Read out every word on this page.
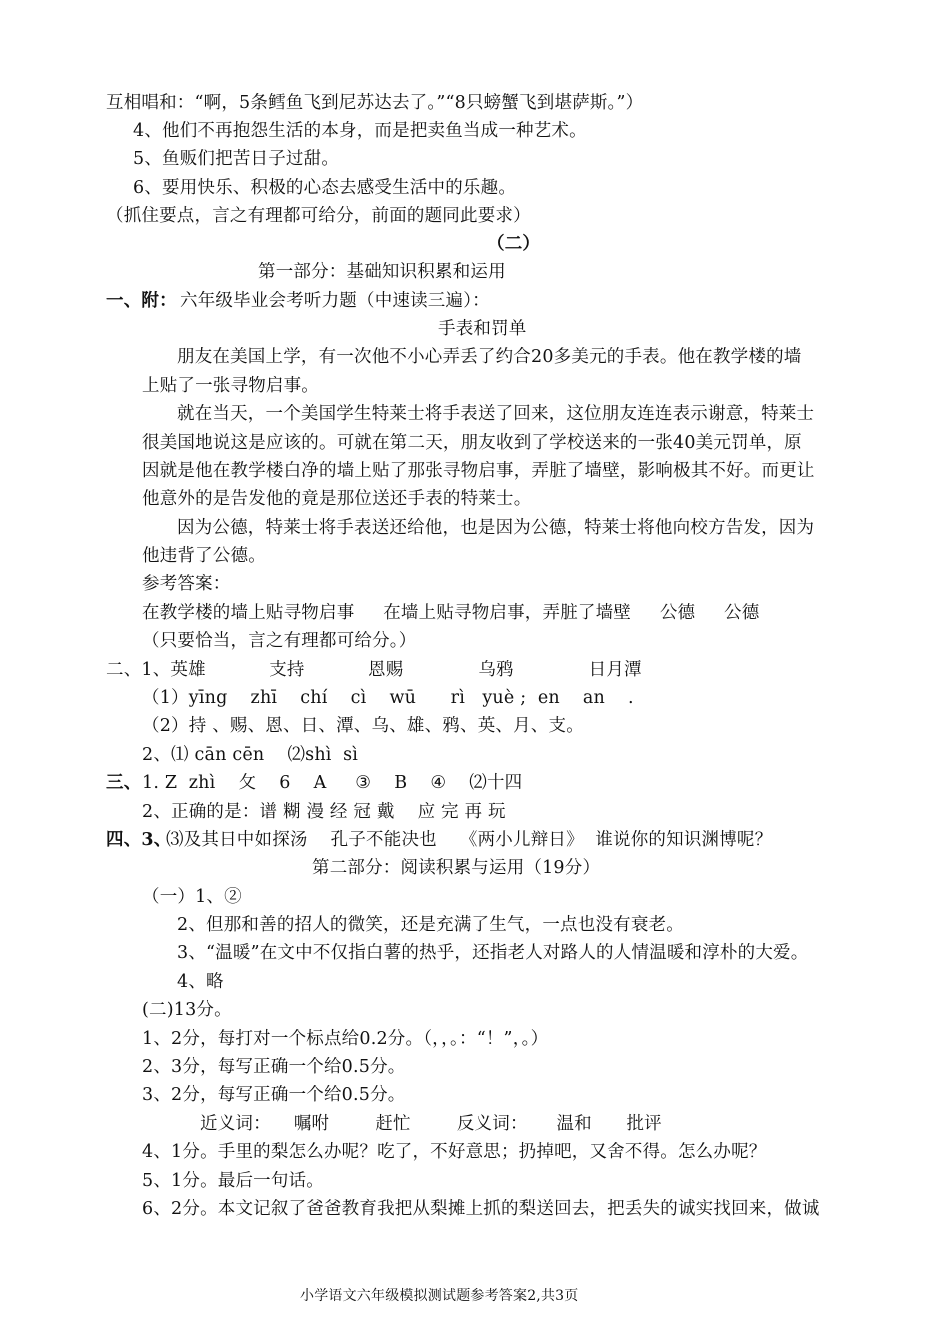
互相唱和：“啊，5条鳕鱼飞到尼苏达去了。”“8只螃蟹飞到堪萨斯。”）
4、他们不再抱怨生活的本身，而是把卖鱼当成一种艺术。
5、鱼贩们把苦日子过甜。
6、要用快乐、积极的心态去感受生活中的乐趣。
（抓住要点，言之有理都可给分，前面的题同此要求）
（二）
第一部分：基础知识积累和运用
一、附： 六年级毕业会考听力题（中速读三遍）：
手表和罚单
朋友在美国上学，有一次他不小心弄丢了约合20多美元的手表。他在教学楼的墙
上贴了一张寻物启事。
就在当天，一个美国学生特莱士将手表送了回来，这位朋友连连表示谢意，特莱士
很美国地说这是应该的。可就在第二天，朋友收到了学校送来的一张40美元罚单，原
因就是他在教学楼白净的墙上贴了那张寻物启事，弄脏了墙壁，影响极其不好。而更让
他意外的是告发他的竟是那位送还手表的特莱士。
因为公德，特莱士将手表送还给他，也是因为公德，特莱士将他向校方告发，因为
他违背了公德。
参考答案：
在教学楼的墙上贴寻物启事     在墙上贴寻物启事，弄脏了墙壁     公德     公德
（只要恰当，言之有理都可给分。）
二、1、英雄           支持           恩赐             乌鸦             日月潭
（1）yīng    zhī    chí    cì    wū      rì   yuè ;  en    an    .
（2）持 、赐、恩、日、潭、乌、雄、鸦、英、月、支。
2、⑴ cān cēn    ⑵shì  sì
三、 1. Z  zhì    攵    6    A     ③    B    ④    ⑵十四
2、正确的是：谱 糊 漫 经 冠 戴    应 完 再 玩
四、3、
⑶及其日中如探汤    孔子不能决也    《两小儿辩日》  谁说你的知识渊博呢？
第二部分：阅读积累与运用（19分）
（一）1、②
2、但那和善的招人的微笑，还是充满了生气，一点也没有衰老。
3、“温暖”在文中不仅指白薯的热乎，还指老人对路人的人情温暖和淳朴的大爱。
4、略
(二)13分。
1、2分，每打对一个标点给0.2分。（，，。：“！”，。）
2、3分，每写正确一个给0.5分。
3、2分，每写正确一个给0.5分。
近义词：    嘱咐        赶忙        反义词：     温和      批评
4、1分。手里的梨怎么办呢？吃了，不好意思；扔掉吧，又舍不得。怎么办呢？
5、1分。最后一句话。
6、2分。本文记叙了爸爸教育我把从梨摊上抓的梨送回去，把丢失的诚实找回来，做诚
小学语文六年级模拟测试题参考答案2,共3页
